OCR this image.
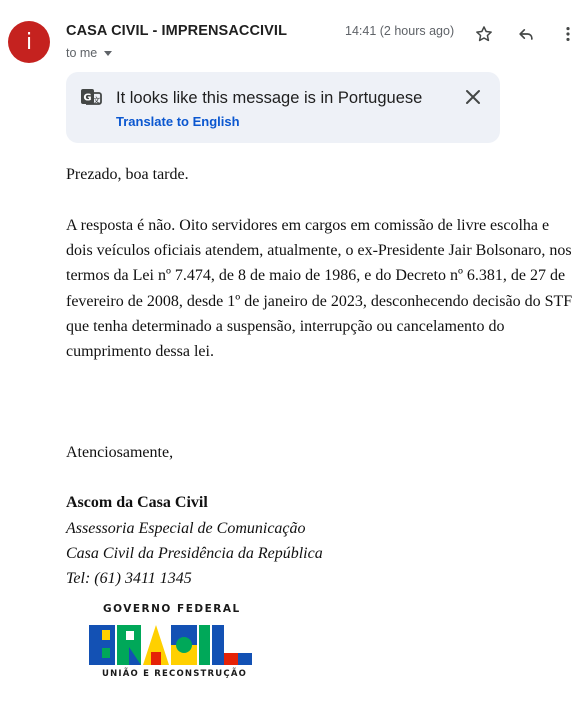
i CASA CIVIL - IMPRENSACCIVIL
to me
14:41 (2 hours ago)
G 文 It looks like this message is in Portuguese
Translate to English
Prezado, boa tarde.
A resposta é não. Oito servidores em cargos em comissão de livre escolha e dois veículos oficiais atendem, atualmente, o ex-Presidente Jair Bolsonaro, nos termos da Lei nº 7.474, de 8 de maio de 1986, e do Decreto nº 6.381, de 27 de fevereiro de 2008, desde 1º de janeiro de 2023, desconhecendo decisão do STF que tenha determinado a suspensão, interrupção ou cancelamento do cumprimento dessa lei.
Atenciosamente,
Ascom da Casa Civil
Assessoria Especial de Comunicação
Casa Civil da Presidência da República
Tel: (61) 3411 1345
GOVERNO FEDERAL
UNIÃO E RECONSTRUÇÃO
